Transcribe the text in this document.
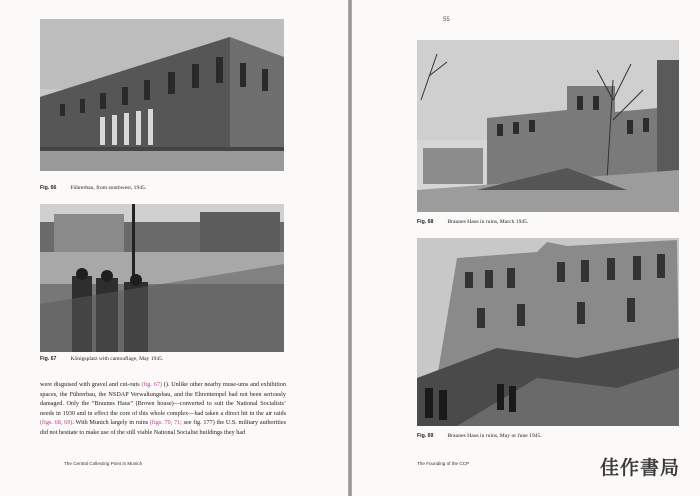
Fig. 66	Führerbau, from southwest, 1945.
Fig. 67	Königsplatz with camouflage, May 1945.
were disguised with gravel and cut-outs (fig. 67) (). Unlike other nearby muse-ums and exhibition spaces, the Führerbau, the NSDAP Verwaltungsbau, and the Ehrentempel had not been seriously damaged. Only the “Braunes Haus” (Brown house)—converted to suit the National Socialists’ needs in 1930 and in effect the core of this whole complex—had taken a direct hit in the air raids (figs. 68, 69). With Munich largely in ruins (figs. 70, 71; see fig. 177) the U.S. military authorities did not hesitate to make use of the still viable National Socialist buildings they had
The Central Collecting Point in Munich
55
Fig. 68	Braunes Haus in ruins, March 1945.
Fig. 69	Braunes Haus in ruins, May or June 1945.
The Founding of the CCP	佳作書局
